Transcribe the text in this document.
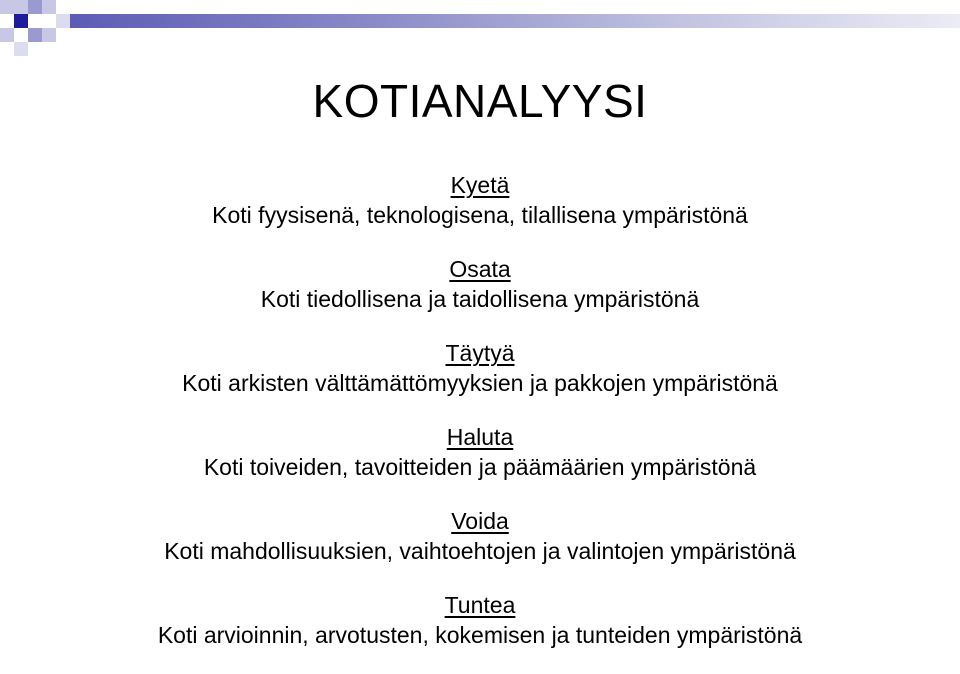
KOTIANALYYSI
Kyetä
Koti fyysisenä, teknologisena, tilallisena ympäristönä
Osata
Koti tiedollisena ja taidollisena ympäristönä
Täytyä
Koti arkisten välttämättömyyksien ja pakkojen ympäristönä
Haluta
Koti toiveiden, tavoitteiden ja päämäärien ympäristönä
Voida
Koti mahdollisuuksien, vaihtoehtojen ja valintojen ympäristönä
Tuntea
Koti arvioinnin, arvotusten, kokemisen ja tunteiden ympäristönä
